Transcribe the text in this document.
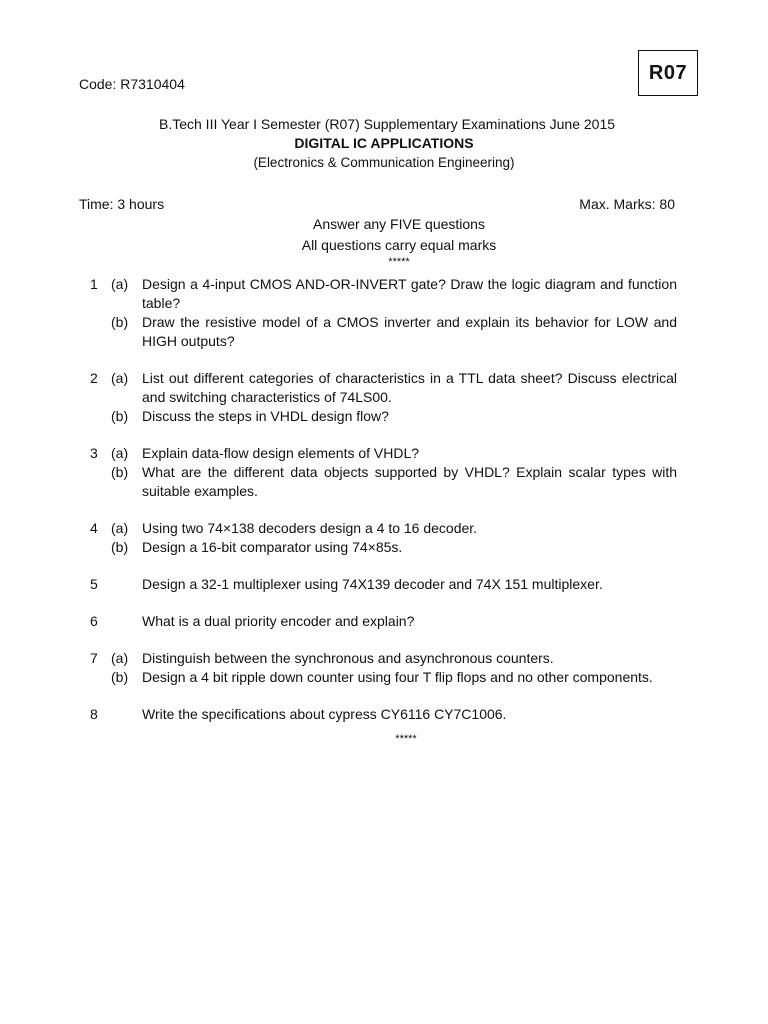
R07
Code: R7310404
B.Tech III Year I Semester (R07) Supplementary Examinations June 2015
DIGITAL IC APPLICATIONS
(Electronics & Communication Engineering)
Time: 3 hours	Max. Marks: 80
Answer any FIVE questions
All questions carry equal marks
*****
1 (a) Design a 4-input CMOS AND-OR-INVERT gate? Draw the logic diagram and function table?
(b) Draw the resistive model of a CMOS inverter and explain its behavior for LOW and HIGH outputs?
2 (a) List out different categories of characteristics in a TTL data sheet? Discuss electrical and switching characteristics of 74LS00.
(b) Discuss the steps in VHDL design flow?
3 (a) Explain data-flow design elements of VHDL?
(b) What are the different data objects supported by VHDL? Explain scalar types with suitable examples.
4 (a) Using two 74×138 decoders design a 4 to 16 decoder.
(b) Design a 16-bit comparator using 74×85s.
5	Design a 32-1 multiplexer using 74X139 decoder and 74X 151 multiplexer.
6	What is a dual priority encoder and explain?
7 (a) Distinguish between the synchronous and asynchronous counters.
(b) Design a 4 bit ripple down counter using four T flip flops and no other components.
8	Write the specifications about cypress CY6116 CY7C1006.
*****
